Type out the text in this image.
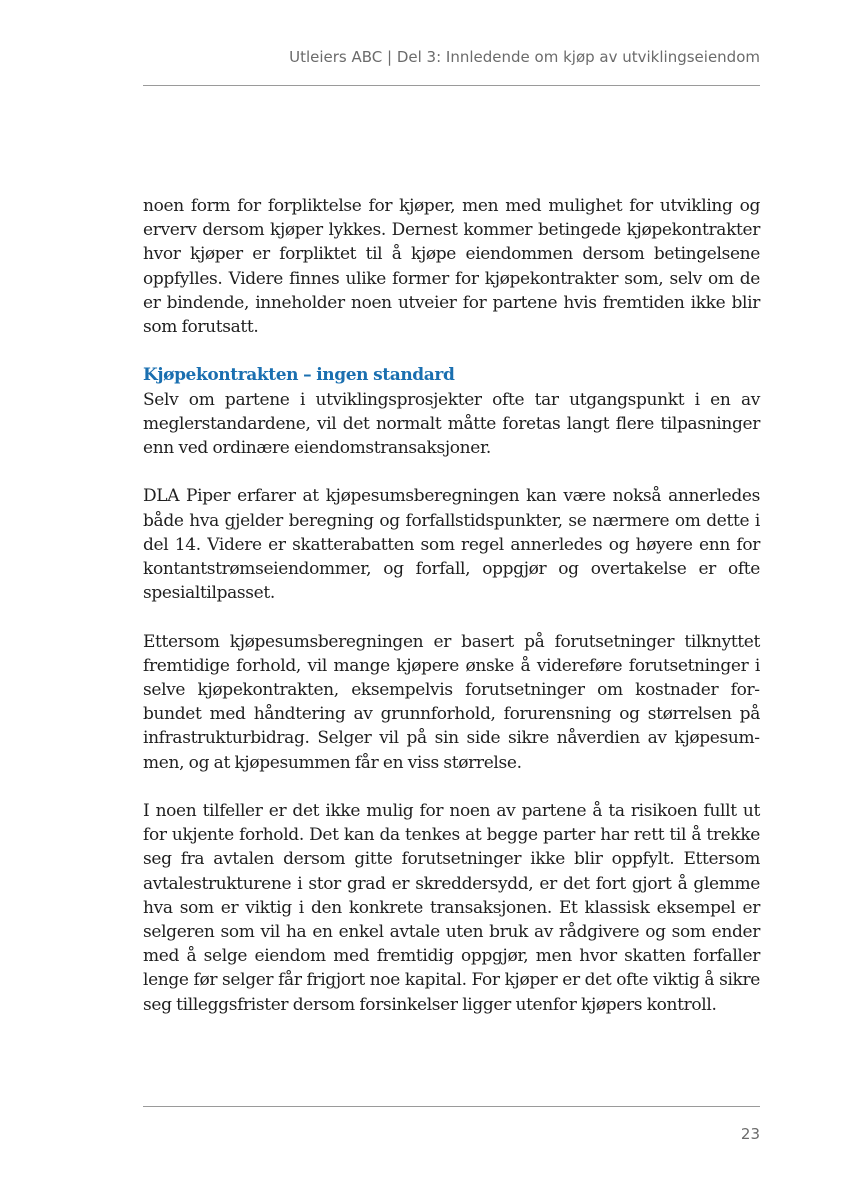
Utleiers ABC | Del 3: Innledende om kjøp av utviklingseiendom

noen form for forpliktelse for kjøper, men med mulighet for utvikling og erverv dersom kjøper lykkes. Dernest kommer betingede kjøpekontrakter hvor kjøper er forpliktet til å kjøpe eiendommen dersom betingelsene oppfylles. Videre finnes ulike former for kjøpekontrakter som, selv om de er bindende, inneholder noen utveier for partene hvis fremtiden ikke blir som forutsatt.

Kjøpekontrakten – ingen standard

Selv om partene i utviklingsprosjekter ofte tar utgangspunkt i en av meglerstandardene, vil det normalt måtte foretas langt flere tilpasninger enn ved ordinære eiendomstransaksjoner.

DLA Piper erfarer at kjøpesumsberegningen kan være nokså annerledes både hva gjelder beregning og forfallstidspunkter, se nærmere om dette i del 14. Videre er skatterabatten som regel annerledes og høyere enn for kontantstrømseiendommer, og forfall, oppgjør og overtakelse er ofte spesialtilpasset.

Ettersom kjøpesumsberegningen er basert på forutsetninger tilknyttet fremtidige forhold, vil mange kjøpere ønske å videreføre forutsetninger i selve kjøpekontrakten, eksempelvis forutsetninger om kostnader forbundet med håndtering av grunnforhold, forurensning og størrelsen på infrastrukturbidrag. Selger vil på sin side sikre nåverdien av kjøpesummen, og at kjøpesummen får en viss størrelse.

I noen tilfeller er det ikke mulig for noen av partene å ta risikoen fullt ut for ukjente forhold. Det kan da tenkes at begge parter har rett til å trekke seg fra avtalen dersom gitte forutsetninger ikke blir oppfylt. Ettersom avtalestrukturene i stor grad er skreddersydd, er det fort gjort å glemme hva som er viktig i den konkrete transaksjonen. Et klassisk eksempel er selgeren som vil ha en enkel avtale uten bruk av rådgivere og som ender med å selge eiendom med fremtidig oppgjør, men hvor skatten forfaller lenge før selger får frigjort noe kapital. For kjøper er det ofte viktig å sikre seg tilleggsfrister dersom forsinkelser ligger utenfor kjøpers kontroll.

23
